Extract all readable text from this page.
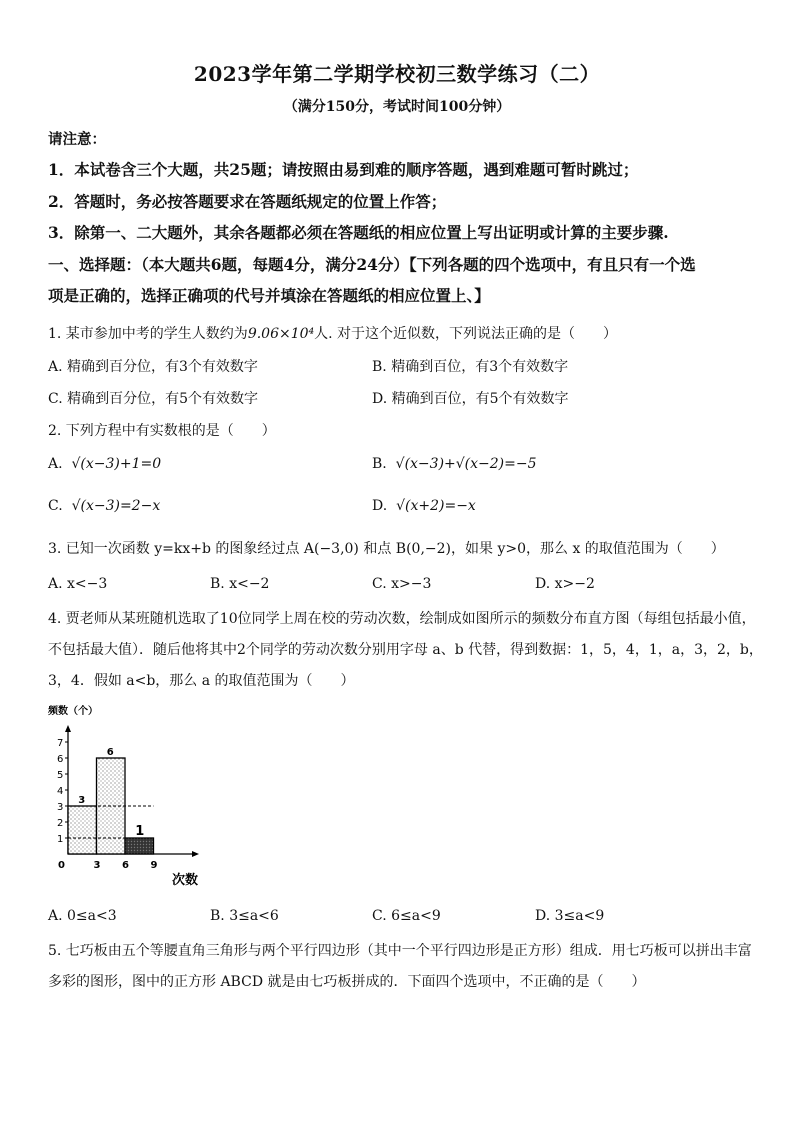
2023学年第二学期学校初三数学练习（二）
（满分150分，考试时间100分钟）
请注意：
1．本试卷含三个大题，共25题；请按照由易到难的顺序答题，遇到难题可暂时跳过；
2．答题时，务必按答题要求在答题纸规定的位置上作答；
3．除第一、二大题外，其余各题都必须在答题纸的相应位置上写出证明或计算的主要步骤.
一、选择题：（本大题共6题，每题4分，满分24分）【下列各题的四个选项中，有且只有一个选
项是正确的，选择正确项的代号并填涂在答题纸的相应位置上、】
1. 某市参加中考的学生人数约为9.06×10⁴人. 对于这个近似数，下列说法正确的是（　　）
A. 精确到百分位，有3个有效数字	B. 精确到百位，有3个有效数字
C. 精确到百分位，有5个有效数字	D. 精确到百位，有5个有效数字
2. 下列方程中有实数根的是（　　）
A. √(x−3)+1=0	B. √(x−3)+√(x−2)=−5
C. √(x−3)=2−x	D. √(x+2)=−x
3. 已知一次函数 y=kx+b 的图象经过点 A(−3,0) 和点 B(0,−2)，如果 y>0，那么 x 的取值范围为（　　）
A. x<−3	B. x<−2	C. x>−3	D. x>−2
4. 贾老师从某班随机选取了10位同学上周在校的劳动次数，绘制成如图所示的频数分布直方图（每组包括最小值，
不包括最大值）．随后他将其中2个同学的劳动次数分别用字母 a、b 代替，得到数据：1，5，4，1，a，3，2，b，
3，4．假如 a<b，那么 a 的取值范围为（　　）
频数（个）
次数
1
2
3
4
5
6
7
3
6
1
0	3 6 9
A. 0≤a<3	B. 3≤a<6	C. 6≤a<9	D. 3≤a<9
5. 七巧板由五个等腰直角三角形与两个平行四边形（其中一个平行四边形是正方形）组成．用七巧板可以拼出丰富
多彩的图形，图中的正方形 ABCD 就是由七巧板拼成的．下面四个选项中，不正确的是（　　）
